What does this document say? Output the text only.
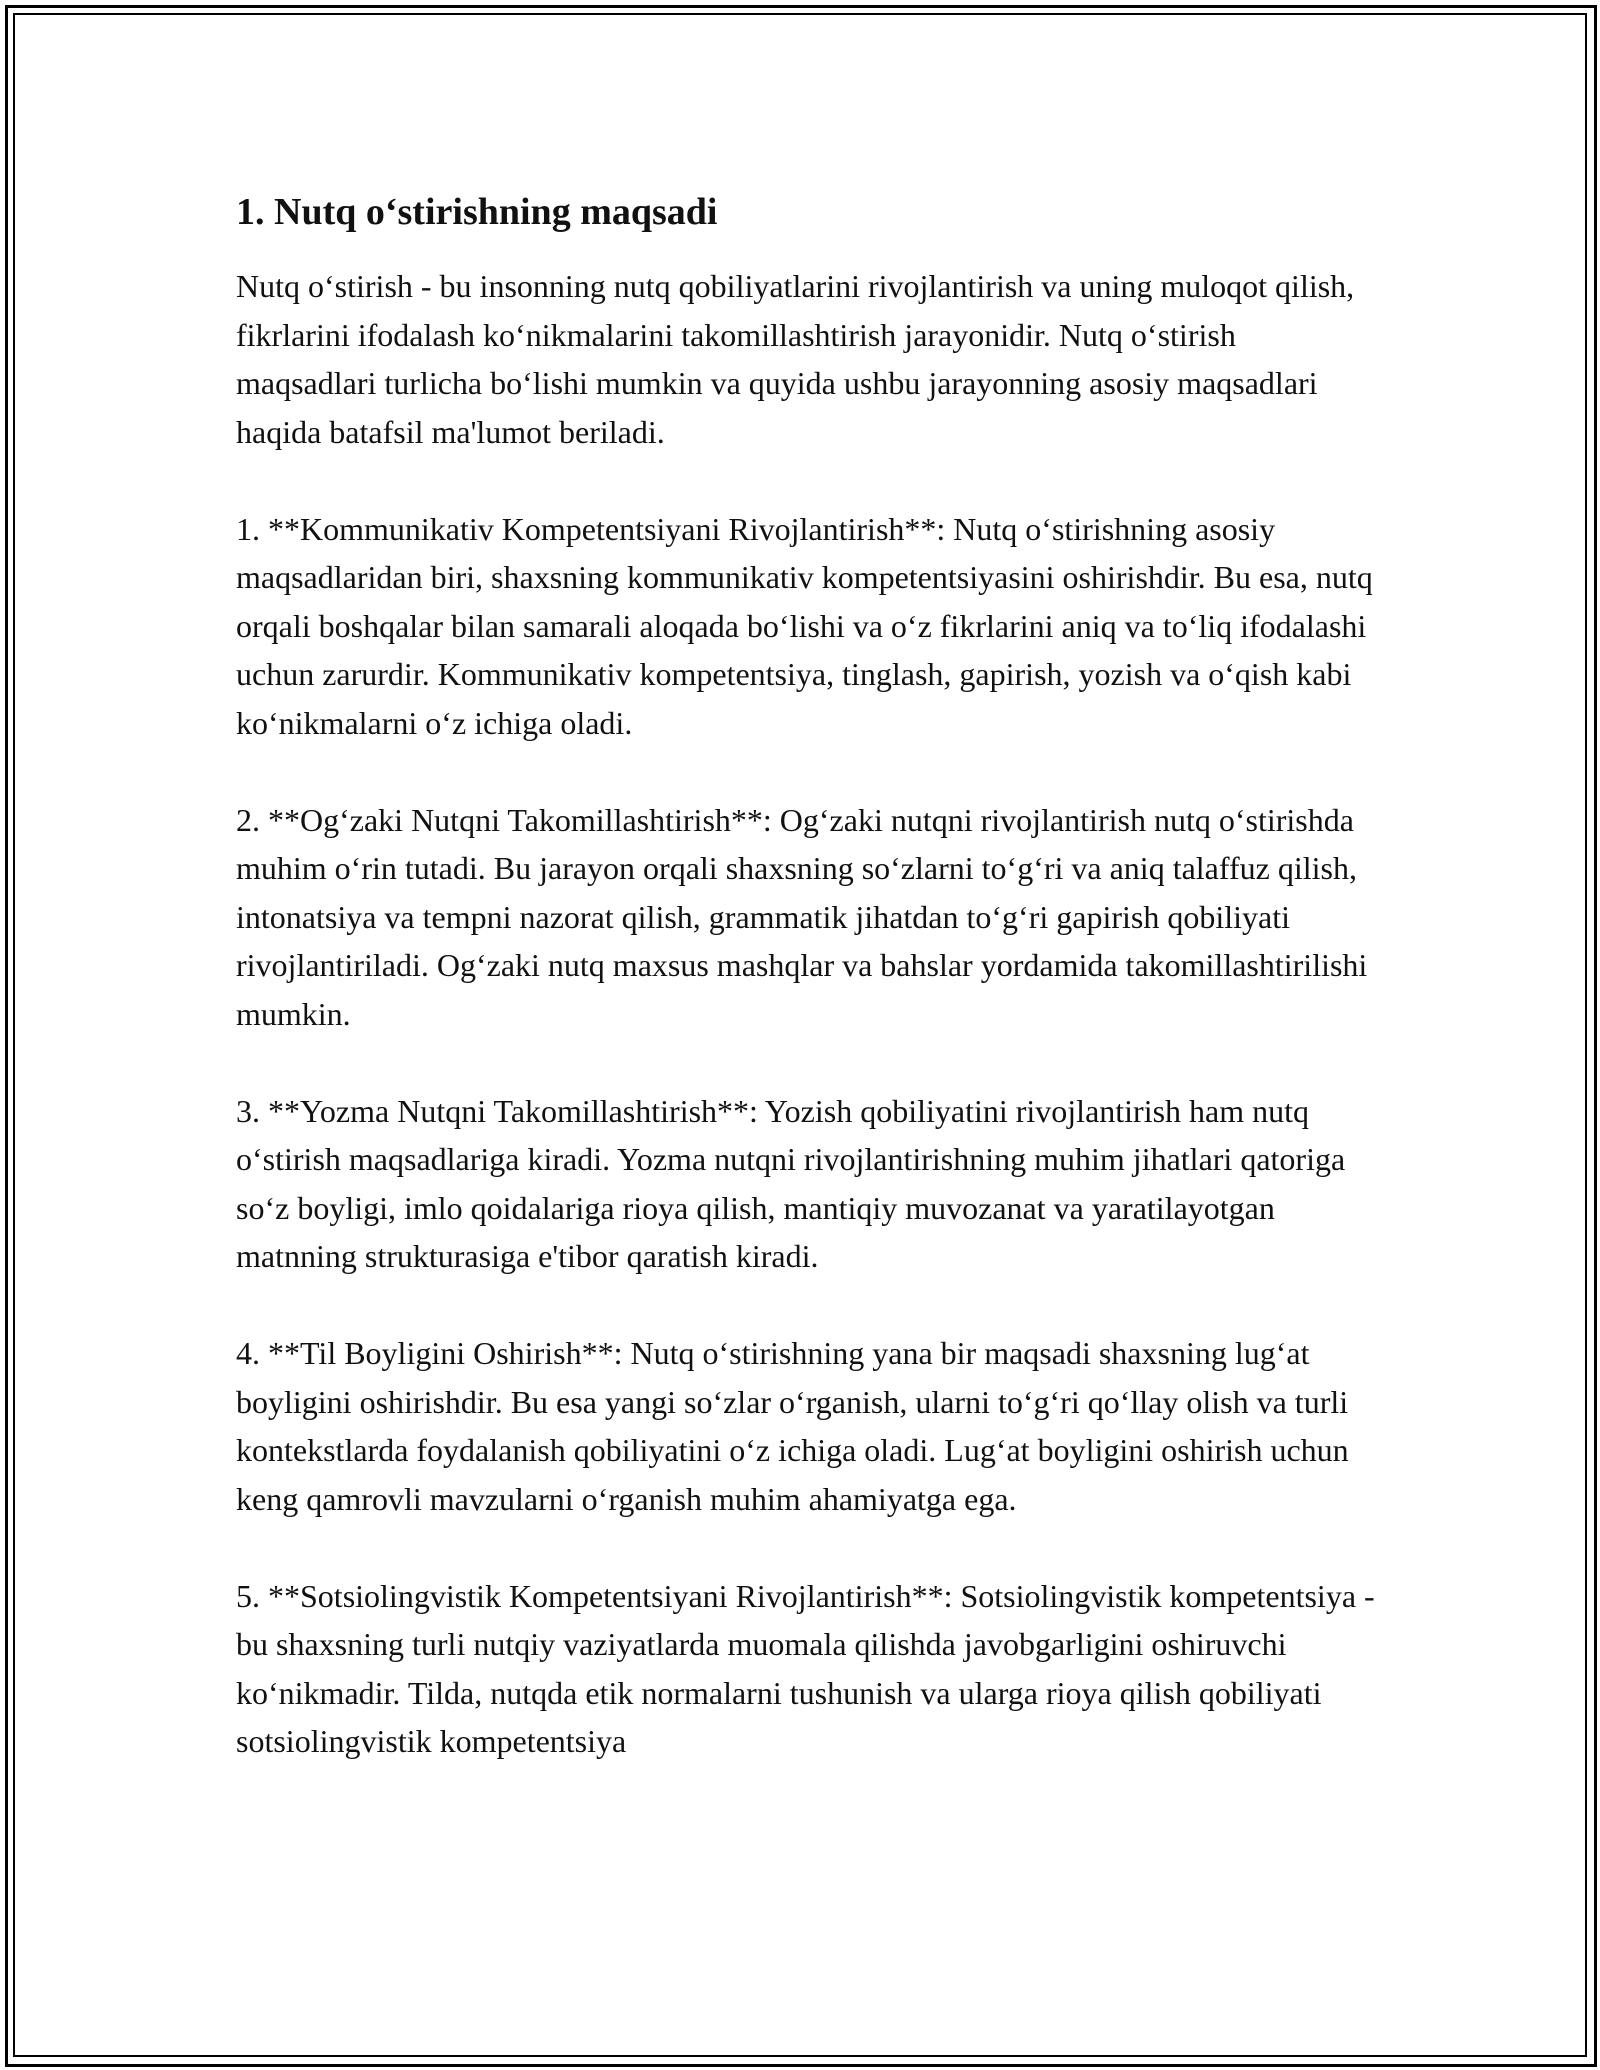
1. Nutq o‘stirishning maqsadi

Nutq o‘stirish - bu insonning nutq qobiliyatlarini rivojlantirish va uning muloqot qilish, fikrlarini ifodalash ko‘nikmalarini takomillashtirish jarayonidir. Nutq o‘stirish maqsadlari turlicha bo‘lishi mumkin va quyida ushbu jarayonning asosiy maqsadlari haqida batafsil ma'lumot beriladi.

1. **Kommunikativ Kompetentsiyani Rivojlantirish**: Nutq o‘stirishning asosiy maqsadlaridan biri, shaxsning kommunikativ kompetentsiyasini oshirishdir. Bu esa, nutq orqali boshqalar bilan samarali aloqada bo‘lishi va o‘z fikrlarini aniq va to‘liq ifodalashi uchun zarurdir. Kommunikativ kompetentsiya, tinglash, gapirish, yozish va o‘qish kabi ko‘nikmalarni o‘z ichiga oladi.

2. **Og‘zaki Nutqni Takomillashtirish**: Og‘zaki nutqni rivojlantirish nutq o‘stirishda muhim o‘rin tutadi. Bu jarayon orqali shaxsning so‘zlarni to‘g‘ri va aniq talaffuz qilish, intonatsiya va tempni nazorat qilish, grammatik jihatdan to‘g‘ri gapirish qobiliyati rivojlantiriladi. Og‘zaki nutq maxsus mashqlar va bahslar yordamida takomillashtirilishi mumkin.

3. **Yozma Nutqni Takomillashtirish**: Yozish qobiliyatini rivojlantirish ham nutq o‘stirish maqsadlariga kiradi. Yozma nutqni rivojlantirishning muhim jihatlari qatoriga so‘z boyligi, imlo qoidalariga rioya qilish, mantiqiy muvozanat va yaratilayotgan matnning strukturasiga e'tibor qaratish kiradi.

4. **Til Boyligini Oshirish**: Nutq o‘stirishning yana bir maqsadi shaxsning lug‘at boyligini oshirishdir. Bu esa yangi so‘zlar o‘rganish, ularni to‘g‘ri qo‘llay olish va turli kontekstlarda foydalanish qobiliyatini o‘z ichiga oladi. Lug‘at boyligini oshirish uchun keng qamrovli mavzularni o‘rganish muhim ahamiyatga ega.

5. **Sotsiolingvistik Kompetentsiyani Rivojlantirish**: Sotsiolingvistik kompetentsiya - bu shaxsning turli nutqiy vaziyatlarda muomala qilishda javobgarligini oshiruvchi ko‘nikmadir. Tilda, nutqda etik normalarni tushunish va ularga rioya qilish qobiliyati sotsiolingvistik kompetentsiya
